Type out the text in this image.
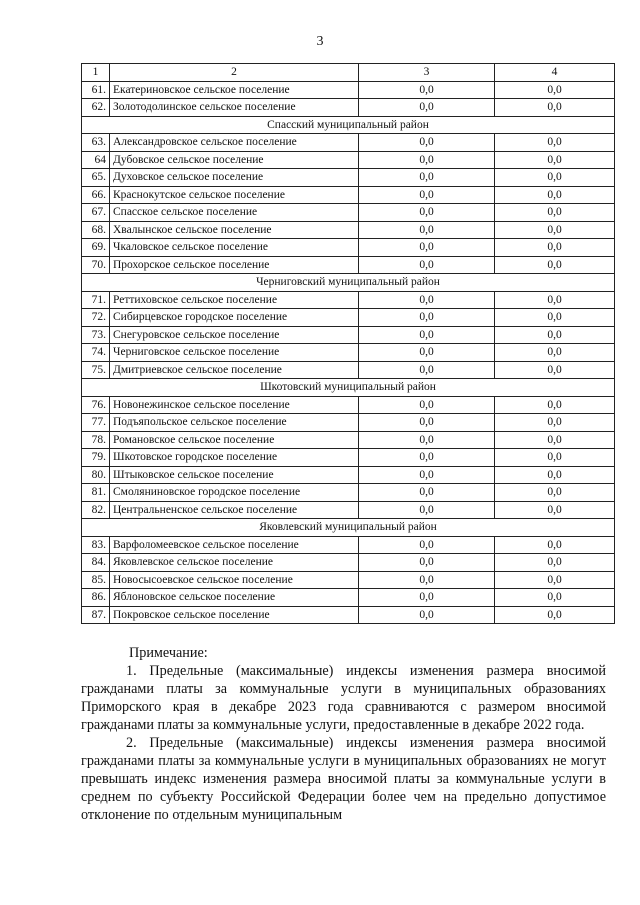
3
1	2	3	4
61.	Екатериновское сельское поселение	0,0	0,0
62.	Золотодолинское сельское поселение	0,0	0,0
Спасский муниципальный район			
63.	Александровское сельское поселение	0,0	0,0
64	Дубовское сельское поселение	0,0	0,0
65.	Духовское сельское поселение	0,0	0,0
66.	Краснокутское сельское поселение	0,0	0,0
67.	Спасское сельское поселение	0,0	0,0
68.	Хвалынское сельское поселение	0,0	0,0
69.	Чкаловское сельское поселение	0,0	0,0
70.	Прохорское сельское поселение	0,0	0,0
Черниговский муниципальный район			
71.	Реттиховское сельское поселение	0,0	0,0
72.	Сибирцевское городское поселение	0,0	0,0
73.	Снегуровское сельское поселение	0,0	0,0
74.	Черниговское сельское поселение	0,0	0,0
75.	Дмитриевское сельское поселение	0,0	0,0
Шкотовский муниципальный район			
76.	Новонежинское сельское поселение	0,0	0,0
77.	Подъяпольское сельское поселение	0,0	0,0
78.	Романовское сельское поселение	0,0	0,0
79.	Шкотовское городское поселение	0,0	0,0
80.	Штыковское сельское поселение	0,0	0,0
81.	Смоляниновское городское поселение	0,0	0,0
82.	Центральненское сельское поселение	0,0	0,0
Яковлевский муниципальный район			
83.	Варфоломеевское сельское поселение	0,0	0,0
84.	Яковлевское сельское поселение	0,0	0,0
85.	Новосысоевское сельское поселение	0,0	0,0
86.	Яблоновское сельское поселение	0,0	0,0
87.	Покровское сельское поселение	0,0	0,0

Примечание:

1. Предельные (максимальные) индексы изменения размера вносимой гражданами платы за коммунальные услуги в муниципальных образованиях Приморского края в декабре 2023 года сравниваются с размером вносимой гражданами платы за коммунальные услуги, предоставленные в декабре 2022 года.

2. Предельные (максимальные) индексы изменения размера вносимой гражданами платы за коммунальные услуги в муниципальных образованиях не могут превышать индекс изменения размера вносимой платы за коммунальные услуги в среднем по субъекту Российской Федерации более чем на предельно допустимое отклонение по отдельным муниципальным
